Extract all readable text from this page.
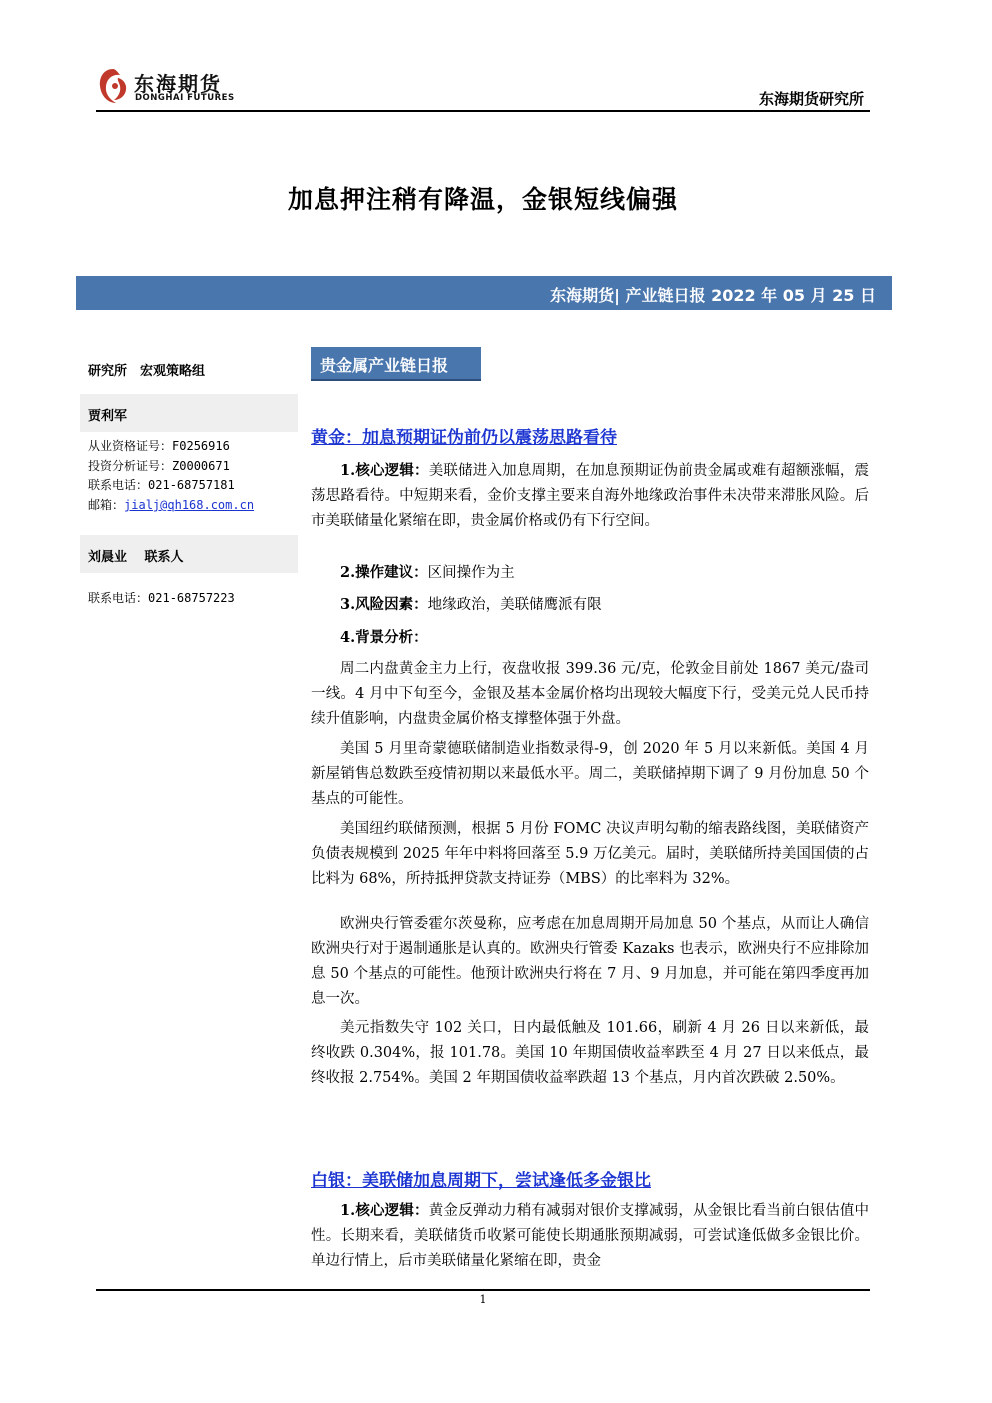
东海期货
DONGHAI FUTURES	东海期货研究所
加息押注稍有降温，金银短线偏强
东海期货| 产业链日报 2022 年 05 月 25 日
研究所　宏观策略组
贾利军
从业资格证号：F0256916
投资分析证号：Z0000671
联系电话：021-68757181
邮箱：jialj@qh168.com.cn
刘晨业　 联系人
联系电话：021-68757223
贵金属产业链日报
黄金：加息预期证伪前仍以震荡思路看待
1.核心逻辑：美联储进入加息周期，在加息预期证伪前贵金属或难有超额涨幅，震荡思路看待。中短期来看，金价支撑主要来自海外地缘政治事件未决带来滞胀风险。后市美联储量化紧缩在即，贵金属价格或仍有下行空间。
2.操作建议：区间操作为主
3.风险因素：地缘政治，美联储鹰派有限
4.背景分析：
周二内盘黄金主力上行，夜盘收报 399.36 元/克，伦敦金目前处 1867 美元/盎司一线。4 月中下旬至今，金银及基本金属价格均出现较大幅度下行，受美元兑人民币持续升值影响，内盘贵金属价格支撑整体强于外盘。
美国 5 月里奇蒙德联储制造业指数录得-9，创 2020 年 5 月以来新低。美国 4 月新屋销售总数跌至疫情初期以来最低水平。周二，美联储掉期下调了 9 月份加息 50 个基点的可能性。
美国纽约联储预测，根据 5 月份 FOMC 决议声明勾勒的缩表路线图，美联储资产负债表规模到 2025 年年中料将回落至 5.9 万亿美元。届时，美联储所持美国国债的占比料为 68%，所持抵押贷款支持证券（MBS）的比率料为 32%。
欧洲央行管委霍尔茨曼称，应考虑在加息周期开局加息 50 个基点，从而让人确信欧洲央行对于遏制通胀是认真的。欧洲央行管委 Kazaks 也表示，欧洲央行不应排除加息 50 个基点的可能性。他预计欧洲央行将在 7 月、9 月加息，并可能在第四季度再加息一次。
美元指数失守 102 关口，日内最低触及 101.66，刷新 4 月 26 日以来新低，最终收跌 0.304%，报 101.78。美国 10 年期国债收益率跌至 4 月 27 日以来低点，最终收报 2.754%。美国 2 年期国债收益率跌超 13 个基点，月内首次跌破 2.50%。
白银：美联储加息周期下，尝试逢低多金银比
1.核心逻辑：黄金反弹动力稍有减弱对银价支撑减弱，从金银比看当前白银估值中性。长期来看，美联储货币收紧可能使长期通胀预期减弱，可尝试逢低做多金银比价。单边行情上，后市美联储量化紧缩在即，贵金
1
